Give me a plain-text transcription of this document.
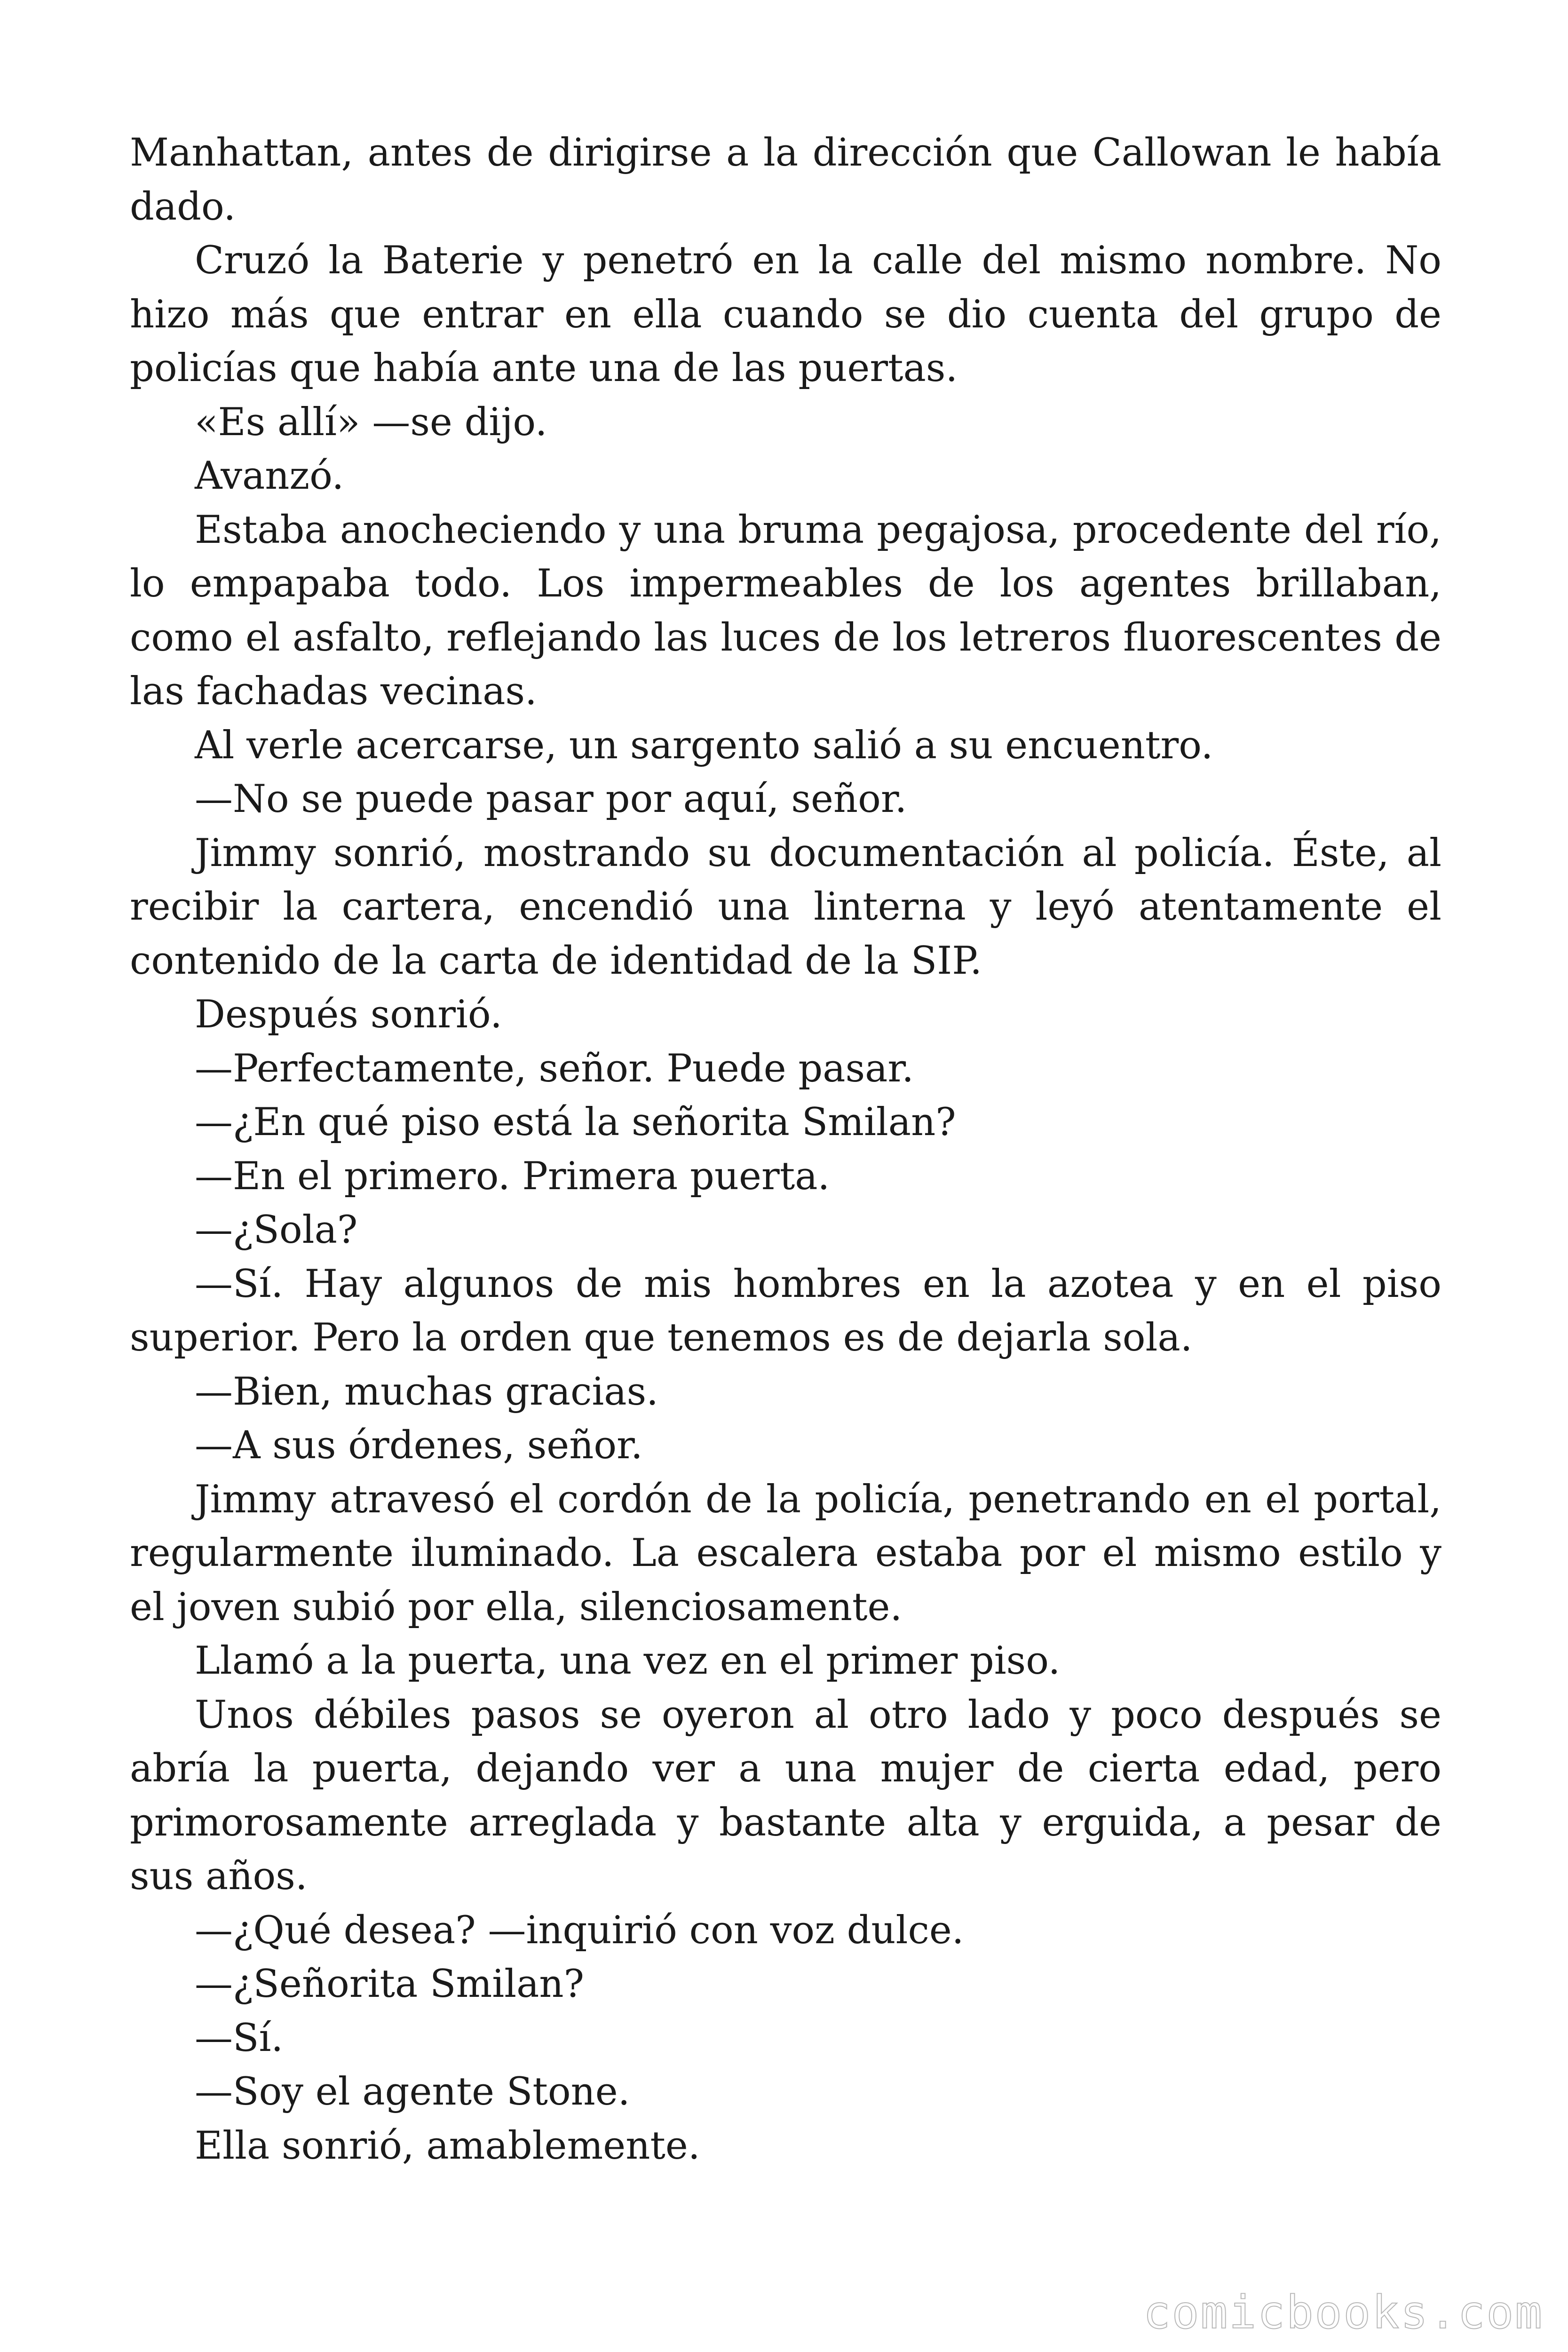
Manhattan, antes de dirigirse a la dirección que Callowan le había dado.

Cruzó la Baterie y penetró en la calle del mismo nombre. No hizo más que entrar en ella cuando se dio cuenta del grupo de policías que había ante una de las puertas.

«Es allí» —se dijo.

Avanzó.

Estaba anocheciendo y una bruma pegajosa, procedente del río, lo empapaba todo. Los impermeables de los agentes brillaban, como el asfalto, reflejando las luces de los letreros fluorescentes de las fachadas vecinas.

Al verle acercarse, un sargento salió a su encuentro.

—No se puede pasar por aquí, señor.

Jimmy sonrió, mostrando su documentación al policía. Éste, al recibir la cartera, encendió una linterna y leyó atentamente el contenido de la carta de identidad de la SIP.

Después sonrió.

—Perfectamente, señor. Puede pasar.

—¿En qué piso está la señorita Smilan?

—En el primero. Primera puerta.

—¿Sola?

—Sí. Hay algunos de mis hombres en la azotea y en el piso superior. Pero la orden que tenemos es de dejarla sola.

—Bien, muchas gracias.

—A sus órdenes, señor.

Jimmy atravesó el cordón de la policía, penetrando en el portal, regularmente iluminado. La escalera estaba por el mismo estilo y el joven subió por ella, silenciosamente.

Llamó a la puerta, una vez en el primer piso.

Unos débiles pasos se oyeron al otro lado y poco después se abría la puerta, dejando ver a una mujer de cierta edad, pero primorosamente arreglada y bastante alta y erguida, a pesar de sus años.

—¿Qué desea? —inquirió con voz dulce.

—¿Señorita Smilan?

—Sí.

—Soy el agente Stone.

Ella sonrió, amablemente.

comicbooks.com
